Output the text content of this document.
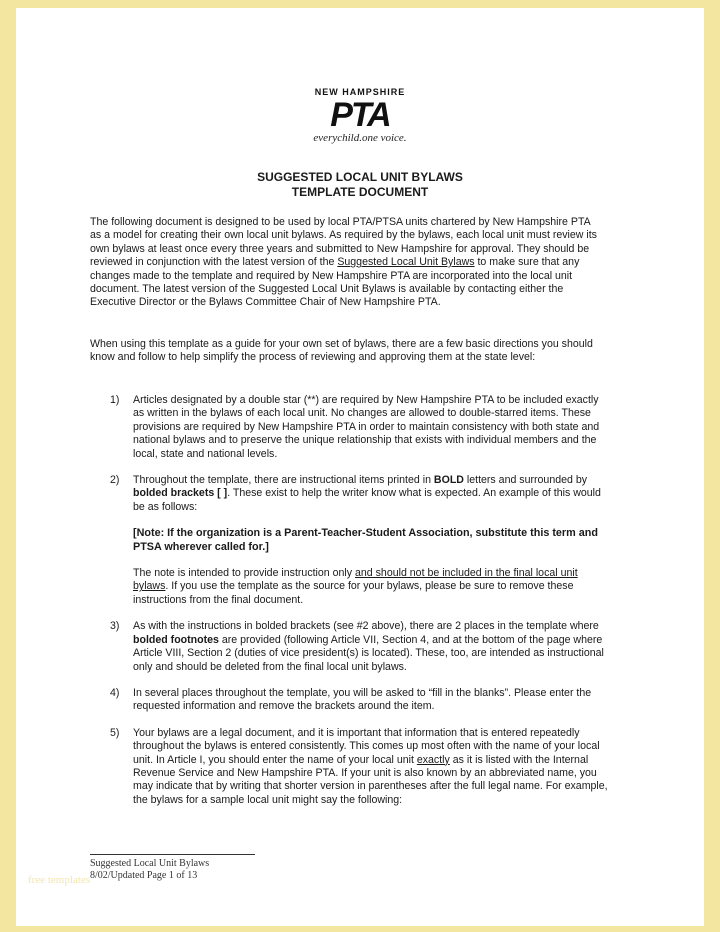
NEW HAMPSHIRE
PTA
everychild.one voice.
SUGGESTED LOCAL UNIT BYLAWS
TEMPLATE DOCUMENT
The following document is designed to be used by local PTA/PTSA units chartered by New Hampshire PTA as a model for creating their own local unit bylaws. As required by the bylaws, each local unit must review its own bylaws at least once every three years and submitted to New Hampshire for approval. They should be reviewed in conjunction with the latest version of the Suggested Local Unit Bylaws to make sure that any changes made to the template and required by New Hampshire PTA are incorporated into the local unit document. The latest version of the Suggested Local Unit Bylaws is available by contacting either the Executive Director or the Bylaws Committee Chair of New Hampshire PTA.
When using this template as a guide for your own set of bylaws, there are a few basic directions you should know and follow to help simplify the process of reviewing and approving them at the state level:
1) Articles designated by a double star (**) are required by New Hampshire PTA to be included exactly as written in the bylaws of each local unit. No changes are allowed to double-starred items. These provisions are required by New Hampshire PTA in order to maintain consistency with both state and national bylaws and to preserve the unique relationship that exists with individual members and the local, state and national levels.
2) Throughout the template, there are instructional items printed in BOLD letters and surrounded by bolded brackets [ ]. These exist to help the writer know what is expected. An example of this would be as follows:
[Note: If the organization is a Parent-Teacher-Student Association, substitute this term and PTSA wherever called for.]
The note is intended to provide instruction only and should not be included in the final local unit bylaws. If you use the template as the source for your bylaws, please be sure to remove these instructions from the final document.
3) As with the instructions in bolded brackets (see #2 above), there are 2 places in the template where bolded footnotes are provided (following Article VII, Section 4, and at the bottom of the page where Article VIII, Section 2 (duties of vice president(s) is located). These, too, are intended as instructional only and should be deleted from the final local unit bylaws.
4) In several places throughout the template, you will be asked to “fill in the blanks”. Please enter the requested information and remove the brackets around the item.
5) Your bylaws are a legal document, and it is important that information that is entered repeatedly throughout the bylaws is entered consistently. This comes up most often with the name of your local unit. In Article I, you should enter the name of your local unit exactly as it is listed with the Internal Revenue Service and New Hampshire PTA. If your unit is also known by an abbreviated name, you may indicate that by writing that shorter version in parentheses after the full legal name. For example, the bylaws for a sample local unit might say the following:
Suggested Local Unit Bylaws
8/02/Updated Page 1 of 13
free templates
